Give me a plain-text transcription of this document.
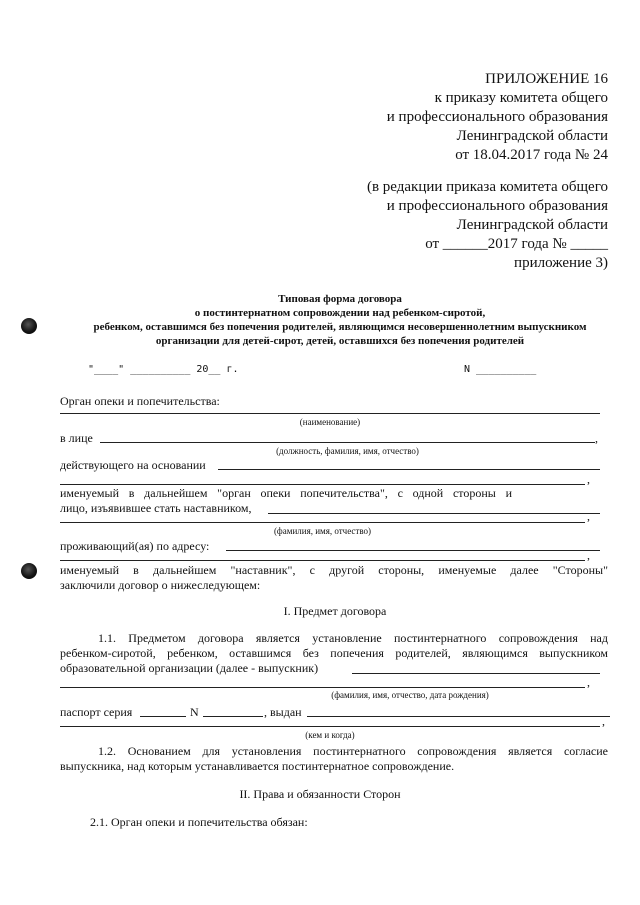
ПРИЛОЖЕНИЕ 16
к приказу комитета общего
и профессионального образования
Ленинградской области
от 18.04.2017 года № 24
(в редакции приказа комитета общего
и профессионального образования
Ленинградской области
от ______2017 года № _____
приложение 3)
Типовая форма договора
о постинтернатном сопровождении над ребенком-сиротой,
ребенком, оставшимся без попечения родителей, являющимся несовершеннолетним выпускником
организации для детей-сирот, детей, оставшихся без попечения родителей
"____" __________ 20__ г.	N __________
Орган опеки и попечительства:
(наименование)
в лице	,
(должность, фамилия, имя, отчество)
действующего на основании
,
именуемый в дальнейшем "орган опеки попечительства", с одной стороны и
лицо, изъявившее стать наставником,
,
(фамилия, имя, отчество)
проживающий(ая) по адресу:
,
именуемый в дальнейшем "наставник", с другой стороны, именуемые далее "Стороны"
заключили договор о нижеследующем:
I. Предмет договора
1.1. Предметом договора является установление постинтернатного сопровождения над
ребенком-сиротой, ребенком, оставшимся без попечения родителей, являющимся выпускником
образовательной организации (далее - выпускник)
,
(фамилия, имя, отчество, дата рождения)
паспорт серия	N	, выдан
,
(кем и когда)
1.2. Основанием для установления постинтернатного сопровождения является согласие
выпускника, над которым устанавливается постинтернатное сопровождение.
II. Права и обязанности Сторон
2.1. Орган опеки и попечительства обязан:
